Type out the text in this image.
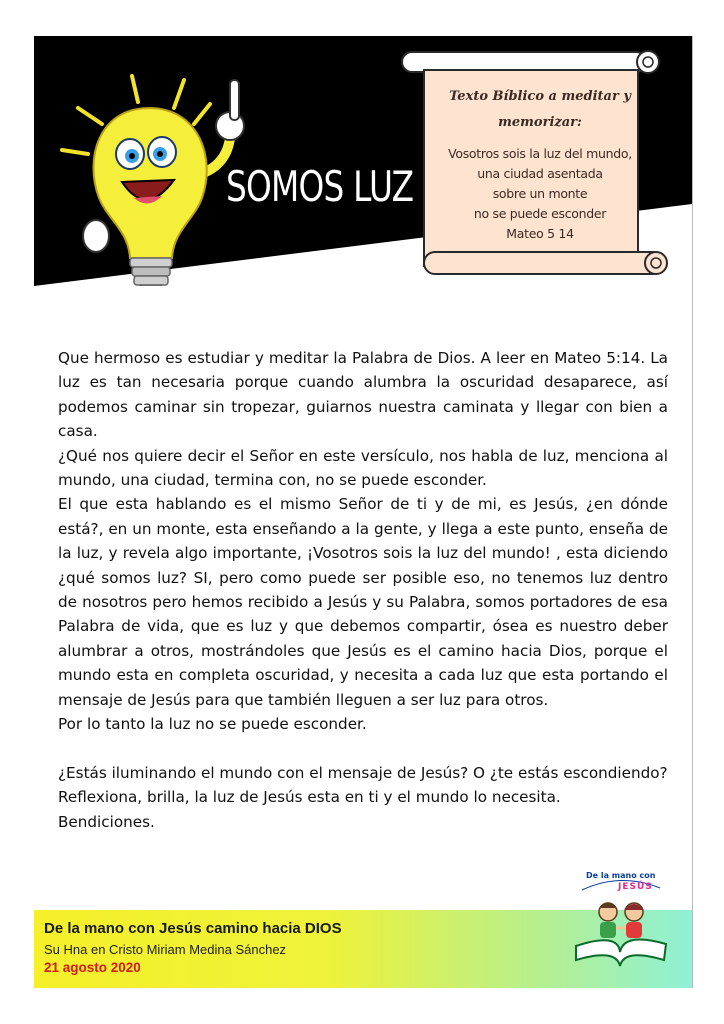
SOMOS LUZ
Texto Bíblico a meditar y
memorizar:
Vosotros sois la luz del mundo,
una ciudad asentada
sobre un monte
no se puede esconder
Mateo 5 14

Que hermoso es estudiar y meditar la Palabra de Dios. A leer en Mateo 5:14. La luz es tan necesaria porque cuando alumbra la oscuridad desaparece, así podemos caminar sin tropezar, guiarnos nuestra caminata y llegar con bien a casa.

¿Qué nos quiere decir el Señor en este versículo, nos habla de luz, menciona al mundo, una ciudad, termina con, no se puede esconder.

El que esta hablando es el mismo Señor de ti y de mi, es Jesús, ¿en dónde está?, en un monte, esta enseñando a la gente, y llega a este punto, enseña de la luz, y revela algo importante, ¡Vosotros sois la luz del mundo! , esta diciendo ¿qué somos luz? SI, pero como puede ser posible eso, no tenemos luz dentro de nosotros pero hemos recibido a Jesús y su Palabra, somos portadores de esa Palabra de vida, que es luz y que debemos compartir, ósea es nuestro deber alumbrar a otros, mostrándoles que Jesús es el camino hacia Dios, porque el mundo esta en completa oscuridad, y necesita a cada luz que esta portando el mensaje de Jesús para que también lleguen a ser luz para otros.

Por lo tanto la luz no se puede esconder.

¿Estás iluminando el mundo con el mensaje de Jesús? O ¿te estás escondiendo?

Reflexiona, brilla, la luz de Jesús esta en ti y el mundo lo necesita.

Bendiciones.

De la mano con Jesús camino hacia DIOS
Su Hna en Cristo Miriam Medina Sánchez
21 agosto 2020
De la mano con
JESÚS
